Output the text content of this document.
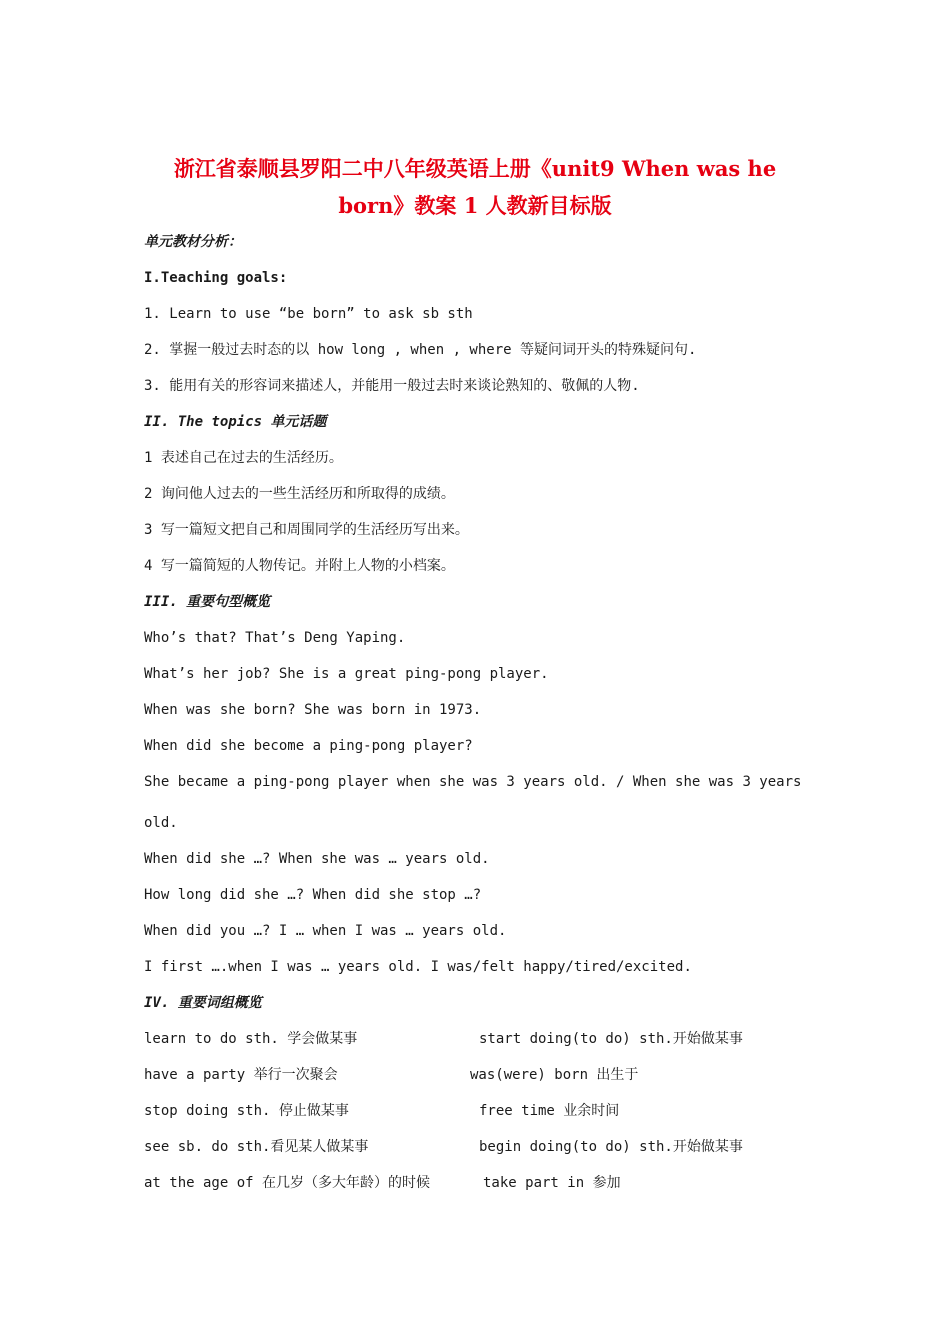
浙江省泰顺县罗阳二中八年级英语上册《unit9 When was he
born》教案 1 人教新目标版
单元教材分析：
I.Teaching goals:
1. Learn to use “be born” to ask sb sth
2. 掌握一般过去时态的以 how long , when , where 等疑问词开头的特殊疑问句.
3. 能用有关的形容词来描述人，并能用一般过去时来谈论熟知的、敬佩的人物.
II. The topics 单元话题
1 表述自己在过去的生活经历。
2 询问他人过去的一些生活经历和所取得的成绩。
3 写一篇短文把自己和周围同学的生活经历写出来。
4 写一篇简短的人物传记。并附上人物的小档案。
III. 重要句型概览
Who’s that? That’s Deng Yaping.
What’s her job? She is a great ping-pong player.
When was she born? She was born in 1973.
When did she become a ping-pong player?
She became a ping-pong player when she was 3 years old. / When she was 3 years
old.
When did she …? When she was … years old.
How long did she …? When did she stop …?
When did you …? I … when I was … years old.
I first ….when I was … years old. I was/felt happy/tired/excited.
IV. 重要词组概览
learn to do sth. 学会做某事	start doing(to do) sth.开始做某事
have a party 举行一次聚会	was(were) born 出生于
stop doing sth. 停止做某事	free time 业余时间
see sb. do sth.看见某人做某事	begin doing(to do) sth.开始做某事
at the age of 在几岁（多大年龄）的时候	take part in 参加
